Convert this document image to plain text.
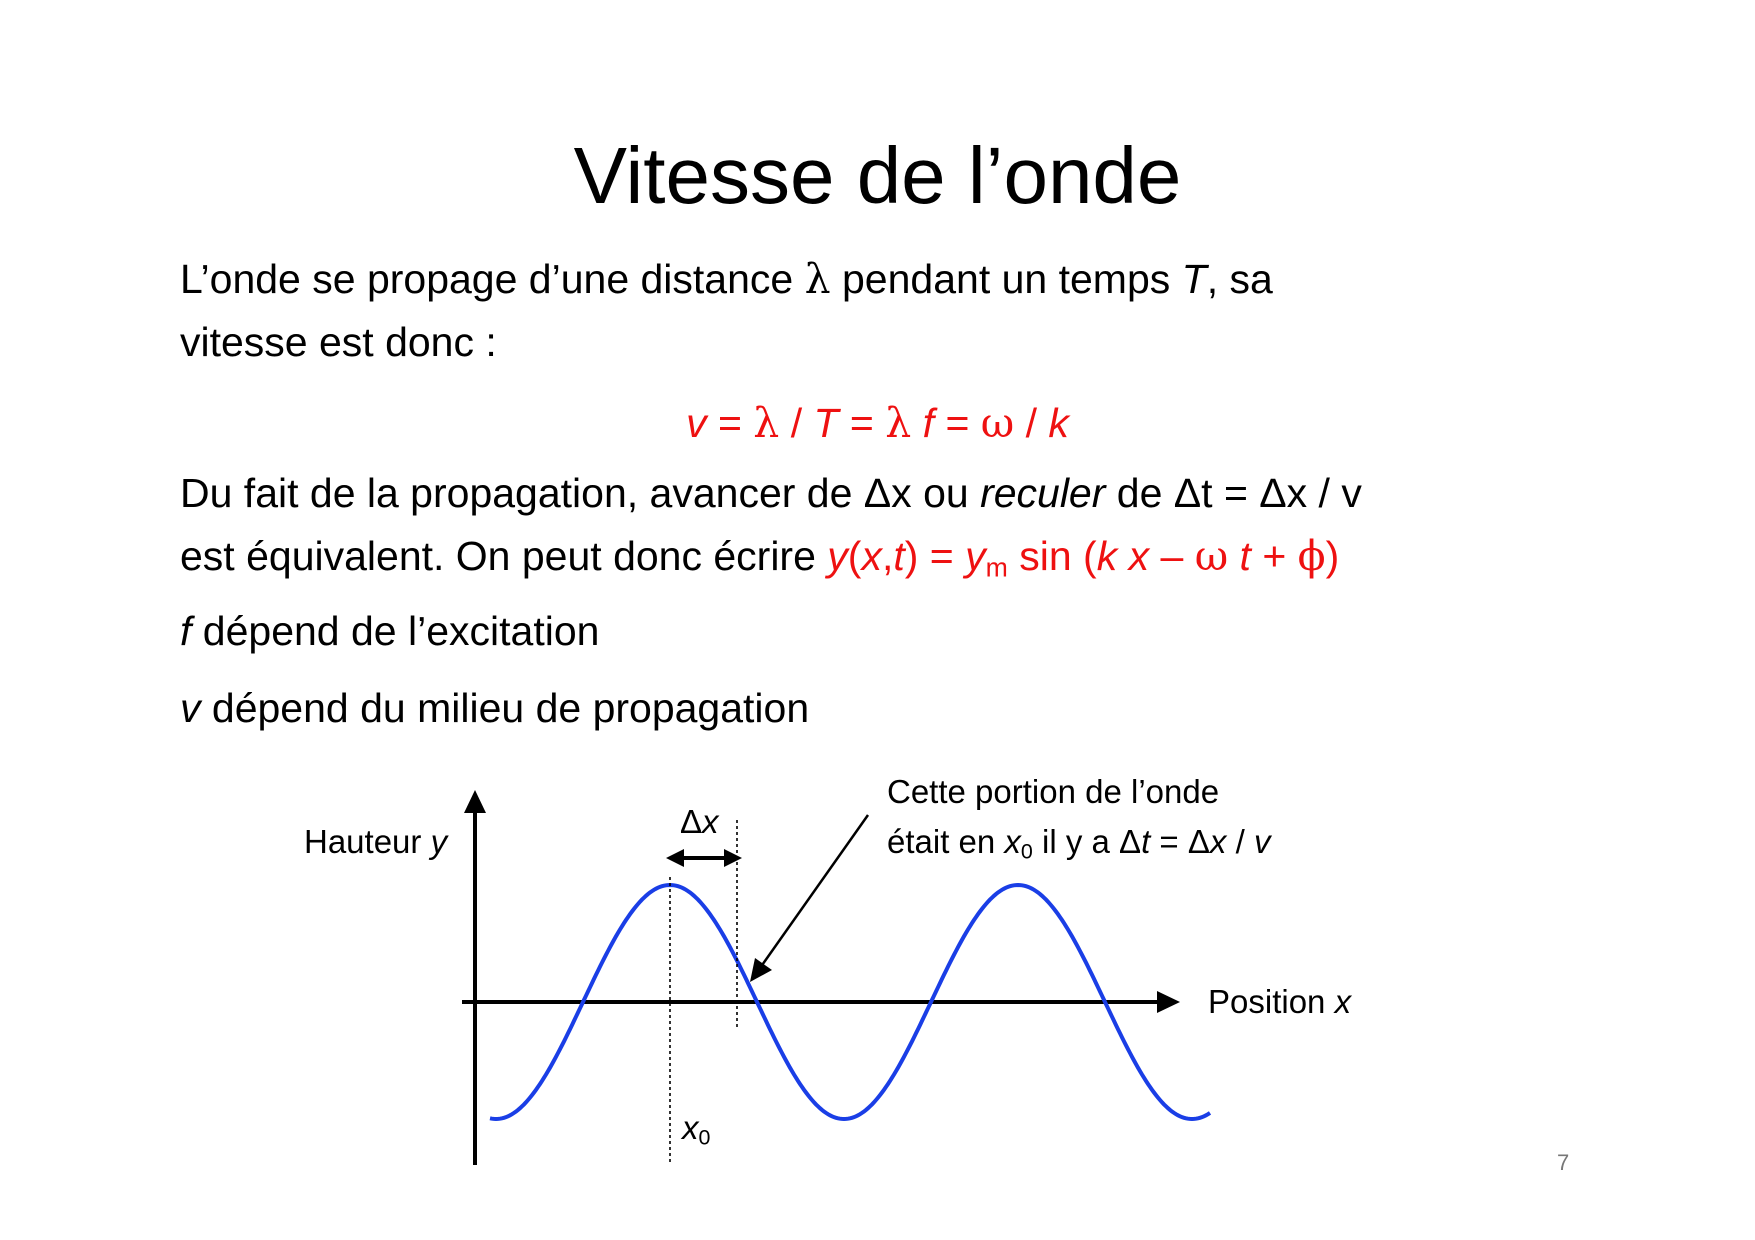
Vitesse de l’onde
L’onde se propage d’une distance λ pendant un temps T, sa
vitesse est donc :
v = λ / T = λ f = ω / k
Du fait de la propagation, avancer de Δx ou reculer de Δt = Δx / v
est équivalent. On peut donc écrire $y(x,t) = y_m$ sin (k x – ω t + ϕ)
f dépend de l’excitation
v dépend du milieu de propagation
Hauteur y
Position x
Δx
$x_0$
Cette portion de l’onde
était en $x_0$ il y a Δt = Δx / v
7
